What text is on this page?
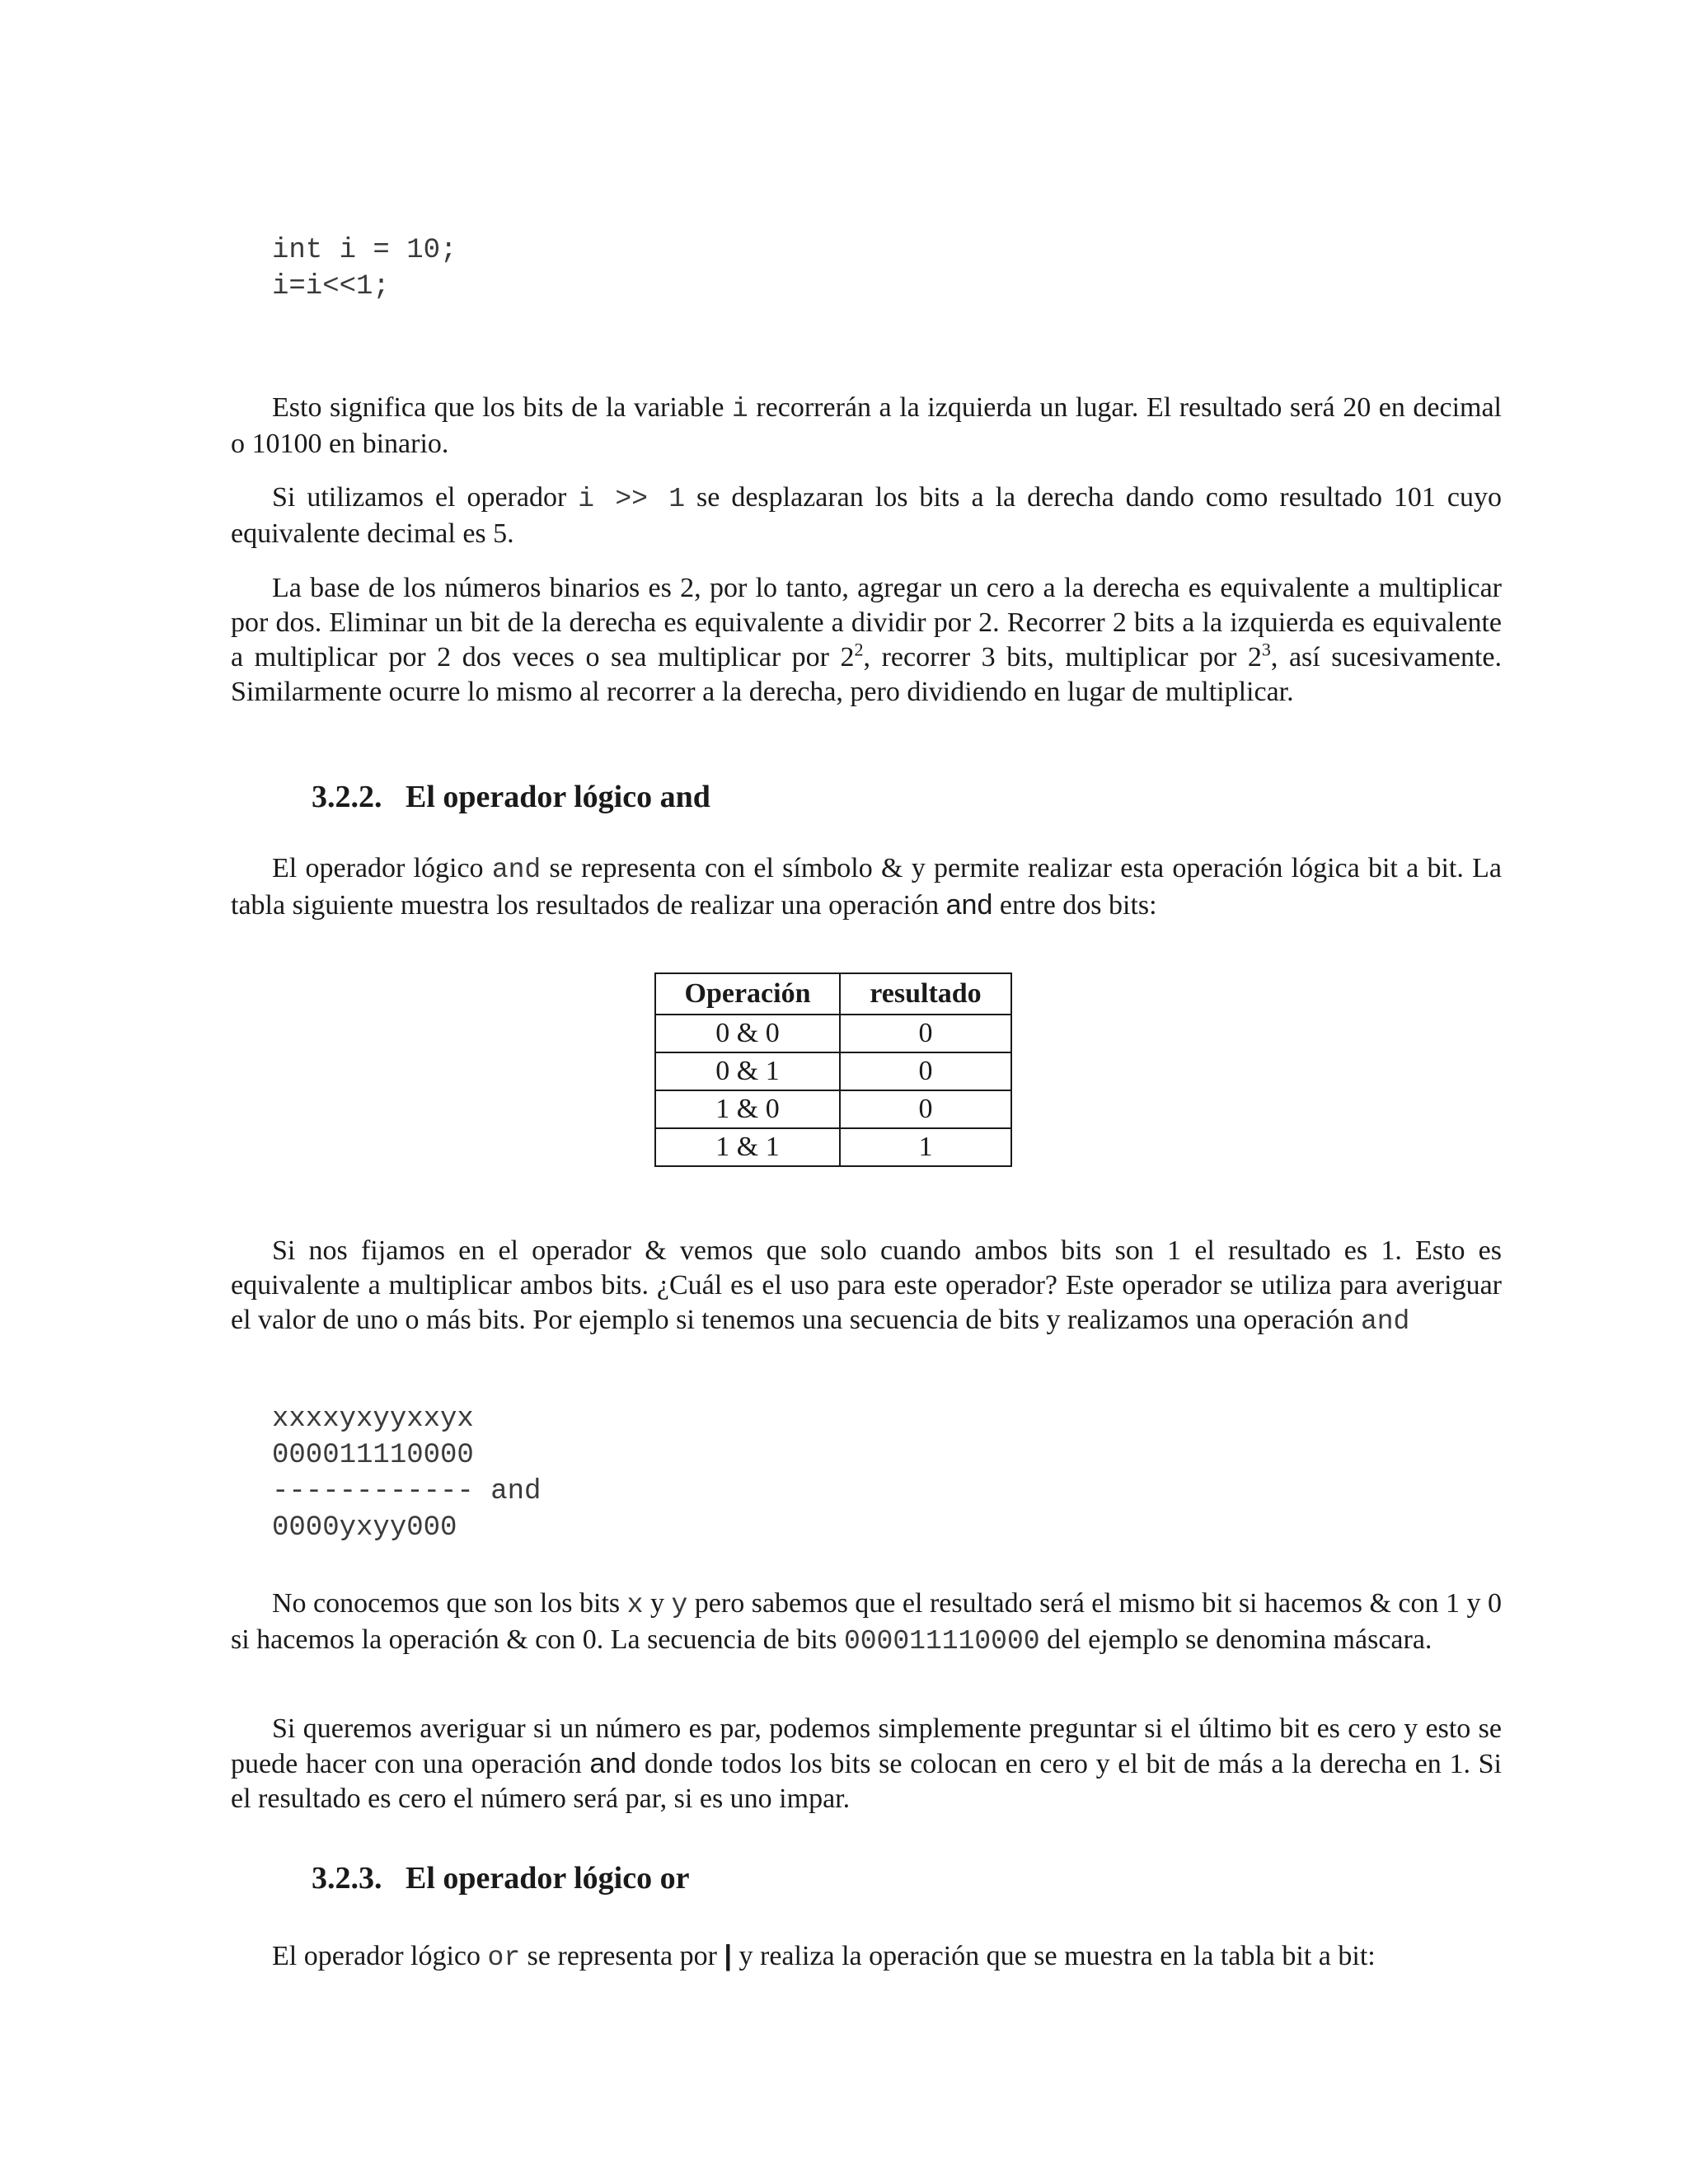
int i = 10;
i=i<<1;

Esto significa que los bits de la variable i recorrerán a la izquierda un lugar. El resultado será 20 en decimal o 10100 en binario.

Si utilizamos el operador i >> 1 se desplazaran los bits a la derecha dando como resultado 101 cuyo equivalente decimal es 5.

La base de los números binarios es 2, por lo tanto, agregar un cero a la derecha es equivalente a multiplicar por dos. Eliminar un bit de la derecha es equivalente a dividir por 2. Recorrer 2 bits a la izquierda es equivalente a multiplicar por 2 dos veces o sea multiplicar por $2^2$, recorrer 3 bits, multiplicar por $2^3$, así sucesivamente. Similarmente ocurre lo mismo al recorrer a la derecha, pero dividiendo en lugar de multiplicar.

3.2.2. El operador lógico and

El operador lógico and se representa con el símbolo & y permite realizar esta operación lógica bit a bit. La tabla siguiente muestra los resultados de realizar una operación and entre dos bits:

Operación	resultado
0 & 0	0
0 & 1	0
1 & 0	0
1 & 1	1

Si nos fijamos en el operador & vemos que solo cuando ambos bits son 1 el resultado es 1. Esto es equivalente a multiplicar ambos bits. ¿Cuál es el uso para este operador? Este operador se utiliza para averiguar el valor de uno o más bits. Por ejemplo si tenemos una secuencia de bits y realizamos una operación and

xxxxyxyyxxyx
000011110000
------------ and
0000yxyy000

No conocemos que son los bits x y y pero sabemos que el resultado será el mismo bit si hacemos & con 1 y 0 si hacemos la operación & con 0. La secuencia de bits 000011110000 del ejemplo se denomina máscara.

Si queremos averiguar si un número es par, podemos simplemente preguntar si el último bit es cero y esto se puede hacer con una operación and donde todos los bits se colocan en cero y el bit de más a la derecha en 1. Si el resultado es cero el número será par, si es uno impar.

3.2.3. El operador lógico or

El operador lógico or se representa por | y realiza la operación que se muestra en la tabla bit a bit:
